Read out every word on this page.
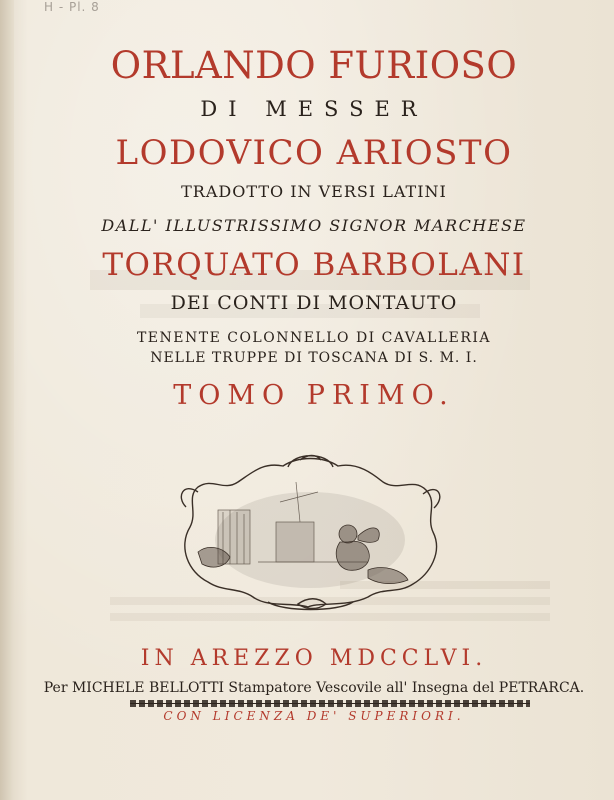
H - Pl. 8

ORLANDO FURIOSO

DI MESSER

LODOVICO ARIOSTO

TRADOTTO IN VERSI LATINI

DALL' ILLUSTRISSIMO SIGNOR MARCHESE

TORQUATO BARBOLANI

DEI CONTI DI MONTAUTO

TENENTE COLONNELLO DI CAVALLERIA

NELLE TRUPPE DI TOSCANA DI S. M. I.

TOMO PRIMO.

IN AREZZO MDCCLVI.

Per MICHELE BELLOTTI Stampatore Vescovile all' Insegna del PETRARCA.

CON LICENZA DE' SUPERIORI.
